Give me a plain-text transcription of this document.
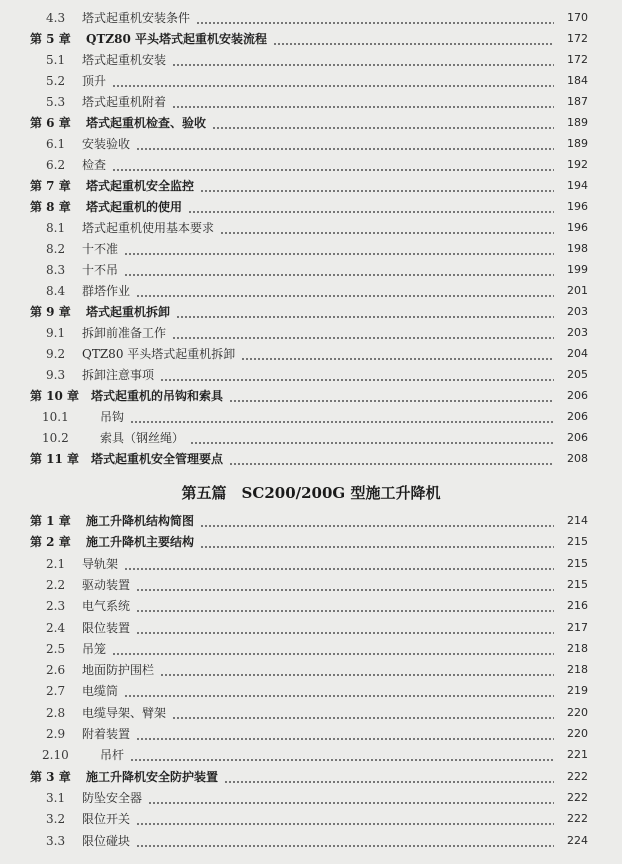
4.3 塔式起重机安装条件	170
第 5 章 QTZ80 平头塔式起重机安装流程	172
5.1 塔式起重机安装	172
5.2 顶升	184
5.3 塔式起重机附着	187
第 6 章 塔式起重机检查、验收	189
6.1 安装验收	189
6.2 检查	192
第 7 章 塔式起重机安全监控	194
第 8 章 塔式起重机的使用	196
8.1 塔式起重机使用基本要求	196
8.2 十不准	198
8.3 十不吊	199
8.4 群塔作业	201
第 9 章 塔式起重机拆卸	203
9.1 拆卸前准备工作	203
9.2 QTZ80 平头塔式起重机拆卸	204
9.3 拆卸注意事项	205
第 10 章 塔式起重机的吊钩和索具	206
10.1	吊钩	206
10.2	索具（钢丝绳）	206
第 11 章 塔式起重机安全管理要点	208
第五篇　SC200/200G 型施工升降机
第 1 章 施工升降机结构简图	214
第 2 章 施工升降机主要结构	215
2.1 导轨架	215
2.2 驱动装置	215
2.3 电气系统	216
2.4 限位装置	217
2.5 吊笼	218
2.6 地面防护围栏	218
2.7 电缆筒	219
2.8 电缆导架、臂架	220
2.9 附着装置	220
2.10	吊杆	221
第 3 章 施工升降机安全防护装置	222
3.1 防坠安全器	222
3.2 限位开关	222
3.3 限位碰块	224
